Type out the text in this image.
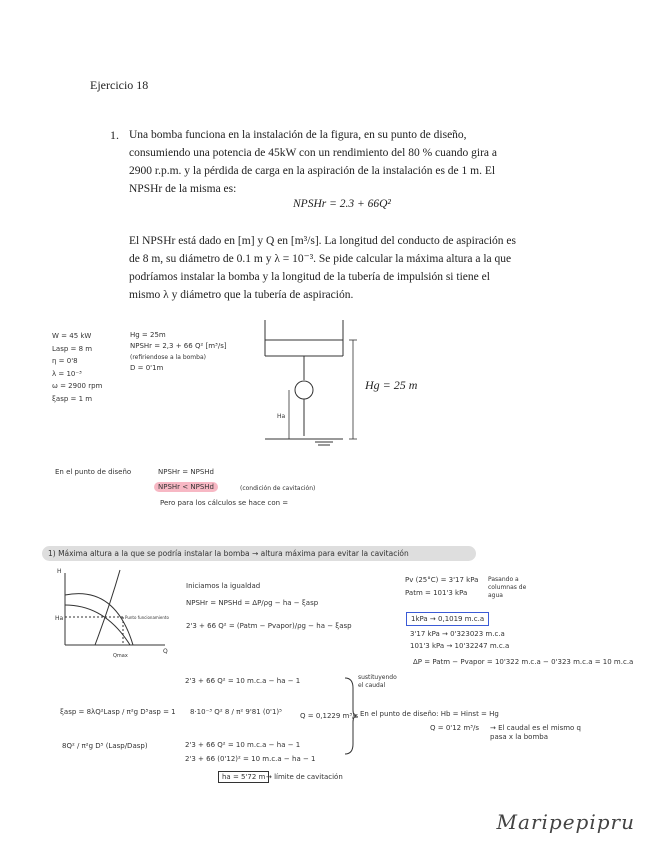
Ejercicio 18
1. Una bomba funciona en la instalación de la figura, en su punto de diseño,
consumiendo una potencia de 45kW con un rendimiento del 80 % cuando gira a
2900 r.p.m. y la pérdida de carga en la aspiración de la instalación es de 1 m. El
NPSHr de la misma es:
NPSHr = 2.3 + 66Q²
El NPSHr está dado en [m] y Q en [m³/s]. La longitud del conducto de aspiración es
de 8 m, su diámetro de 0.1 m y λ = 10⁻³. Se pide calcular la máxima altura a la que
podríamos instalar la bomba y la longitud de la tubería de impulsión si tiene el
mismo λ y diámetro que la tubería de aspiración.
W = 45 kW
Lasp = 8 m
η = 0'8
λ = 10⁻³
ω = 2900 rpm
ξasp = 1 m
Hg = 25m
NPSHr = 2,3 + 66 Q² [m³/s]
(refiriendose a la bomba)
D = 0'1m
Ha
Hg = 25 m
En el punto de diseño	NPSHr = NPSHd
NPSHr < NPSHd	(condición de cavitación)
Pero para los cálculos se hace con =
1) Máxima altura a la que se podría instalar la bomba → altura máxima para evitar la cavitación
H
Ha
Q
Qmax
Punto funcionamiento
Iniciamos la igualdad
NPSHr = NPSHd = ΔP/ρg − ha − ξasp
2'3 + 66 Q² = (Patm − Pvapor)/ρg − ha − ξasp
Pv (25°C) = 3'17 kPa
Patm = 101'3 kPa
Pasando a columnas de agua
1kPa → 0,1019 m.c.a
3'17 kPa → 0'323023 m.c.a
101'3 kPa → 10'32247 m.c.a
ΔP = Patm − Pvapor = 10'322 m.c.a − 0'323 m.c.a = 10 m.c.a
2'3 + 66 Q² = 10 m.c.a − ha − 1	sustituyendo el caudal
En el punto de diseño: Hb = Hinst = Hg
ξasp = 8λQ²Lasp / π²g D⁵asp = 1 8·10⁻³ Q² 8 / π² 9'81 (0'1)⁵	Q = 0,1229 m³/s
Q = 0'12 m³/s → El caudal es el mismo q pasa x la bomba
8Q² / π²g D⁵ (Lasp/Dasp)	2'3 + 66 Q² = 10 m.c.a − ha − 1
2'3 + 66 (0'12)² = 10 m.c.a − ha − 1
ha = 5'72 m → límite de cavitación
Maripepipru
